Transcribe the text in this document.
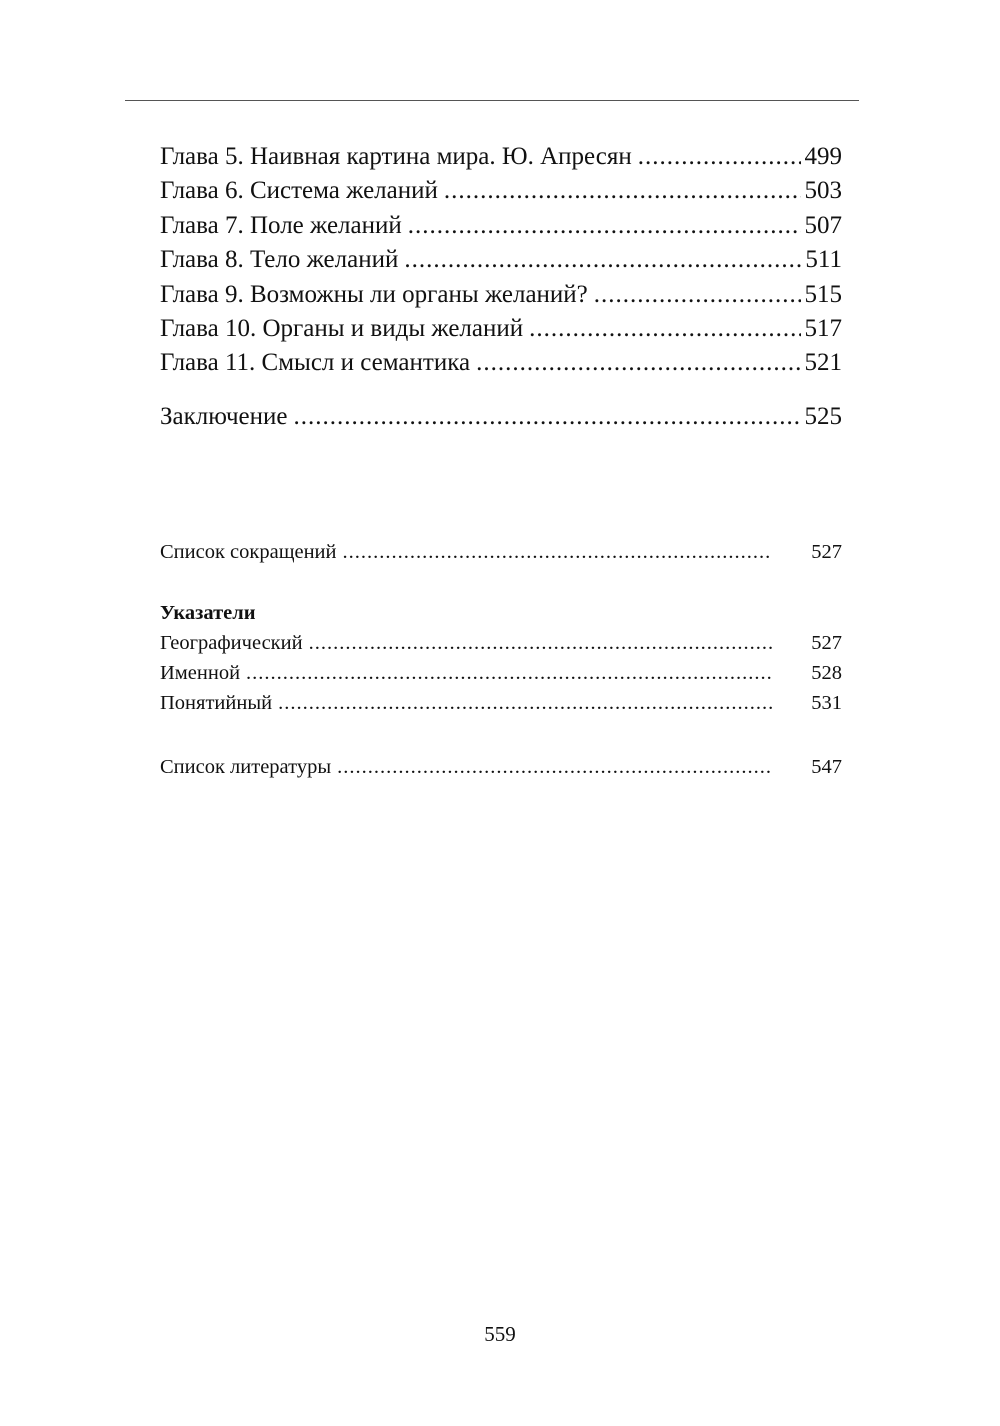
Глава 5. Наивная картина мира. Ю. Апресян .....	499
Глава 6. Система желаний .....	503
Глава 7. Поле желаний .....	507
Глава 8. Тело желаний .....	511
Глава 9. Возможны ли органы желаний? .....	515
Глава 10. Органы и виды желаний .....	517
Глава 11. Смысл и семантика .....	521
Заключение .....	525
Список сокращений .....	527
Указатели
Географический .....	527
Именной .....	528
Понятийный .....	531
Список литературы .....	547
559
